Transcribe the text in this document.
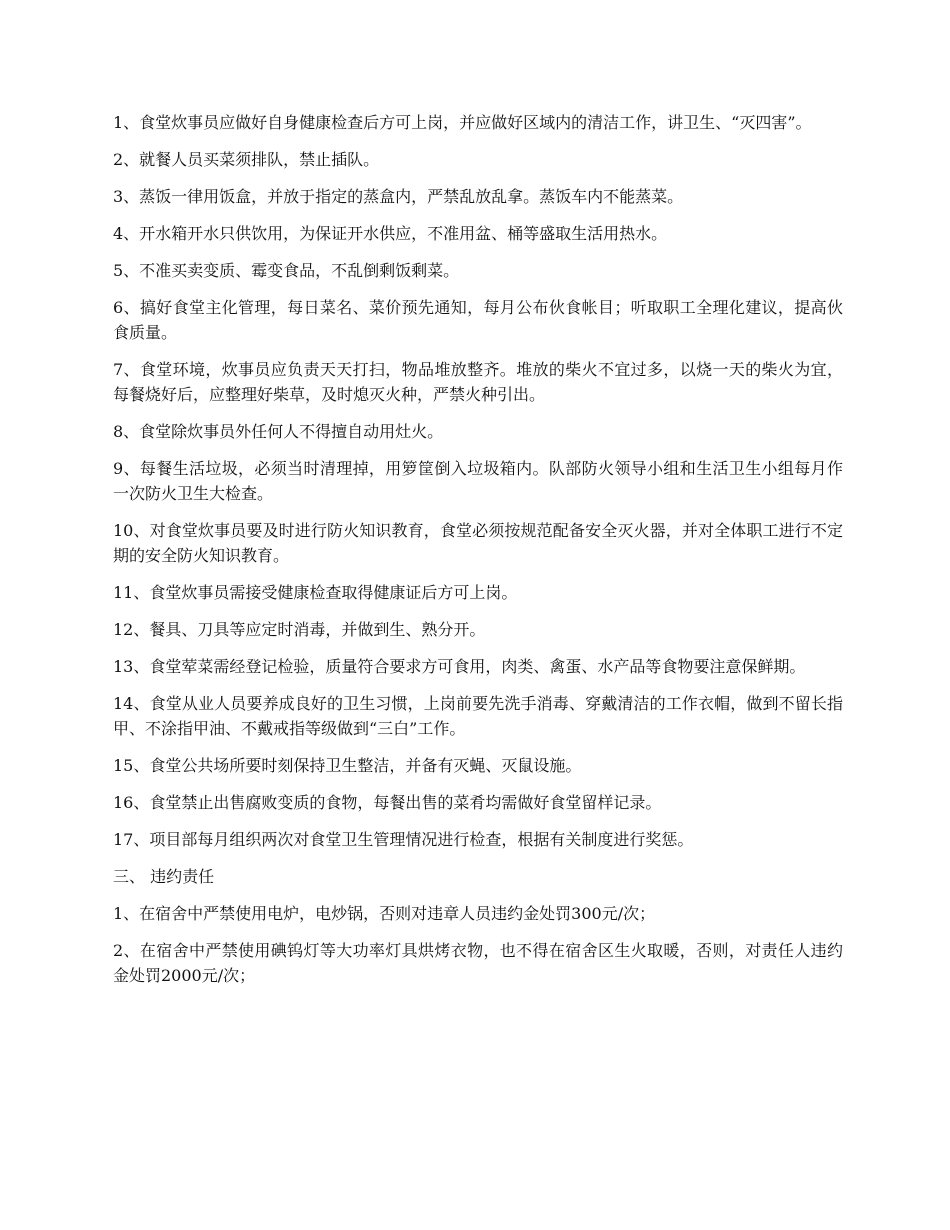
1、食堂炊事员应做好自身健康检查后方可上岗，并应做好区域内的清洁工作，讲卫生、“灭四害”。

2、就餐人员买菜须排队，禁止插队。

3、蒸饭一律用饭盒，并放于指定的蒸盒内，严禁乱放乱拿。蒸饭车内不能蒸菜。

4、开水箱开水只供饮用，为保证开水供应，不准用盆、桶等盛取生活用热水。

5、不准买卖变质、霉变食品，不乱倒剩饭剩菜。

6、搞好食堂主化管理，每日菜名、菜价预先通知，每月公布伙食帐目；听取职工全理化建议，提高伙食质量。

7、食堂环境，炊事员应负责天天打扫，物品堆放整齐。堆放的柴火不宜过多，以烧一天的柴火为宜，每餐烧好后，应整理好柴草，及时熄灭火种，严禁火种引出。

8、食堂除炊事员外任何人不得擅自动用灶火。

9、每餐生活垃圾，必须当时清理掉，用箩筐倒入垃圾箱内。队部防火领导小组和生活卫生小组每月作一次防火卫生大检查。

10、对食堂炊事员要及时进行防火知识教育，食堂必须按规范配备安全灭火器，并对全体职工进行不定期的安全防火知识教育。

11、食堂炊事员需接受健康检查取得健康证后方可上岗。

12、餐具、刀具等应定时消毒，并做到生、熟分开。

13、食堂荤菜需经登记检验，质量符合要求方可食用，肉类、禽蛋、水产品等食物要注意保鲜期。

14、食堂从业人员要养成良好的卫生习惯，上岗前要先洗手消毒、穿戴清洁的工作衣帽，做到不留长指甲、不涂指甲油、不戴戒指等级做到“三白”工作。

15、食堂公共场所要时刻保持卫生整洁，并备有灭蝇、灭鼠设施。

16、食堂禁止出售腐败变质的食物，每餐出售的菜肴均需做好食堂留样记录。

17、项目部每月组织两次对食堂卫生管理情况进行检查，根据有关制度进行奖惩。

三、 违约责任

1、在宿舍中严禁使用电炉，电炒锅，否则对违章人员违约金处罚300元/次；

2、在宿舍中严禁使用碘钨灯等大功率灯具烘烤衣物，也不得在宿舍区生火取暖，否则，对责任人违约金处罚2000元/次；
